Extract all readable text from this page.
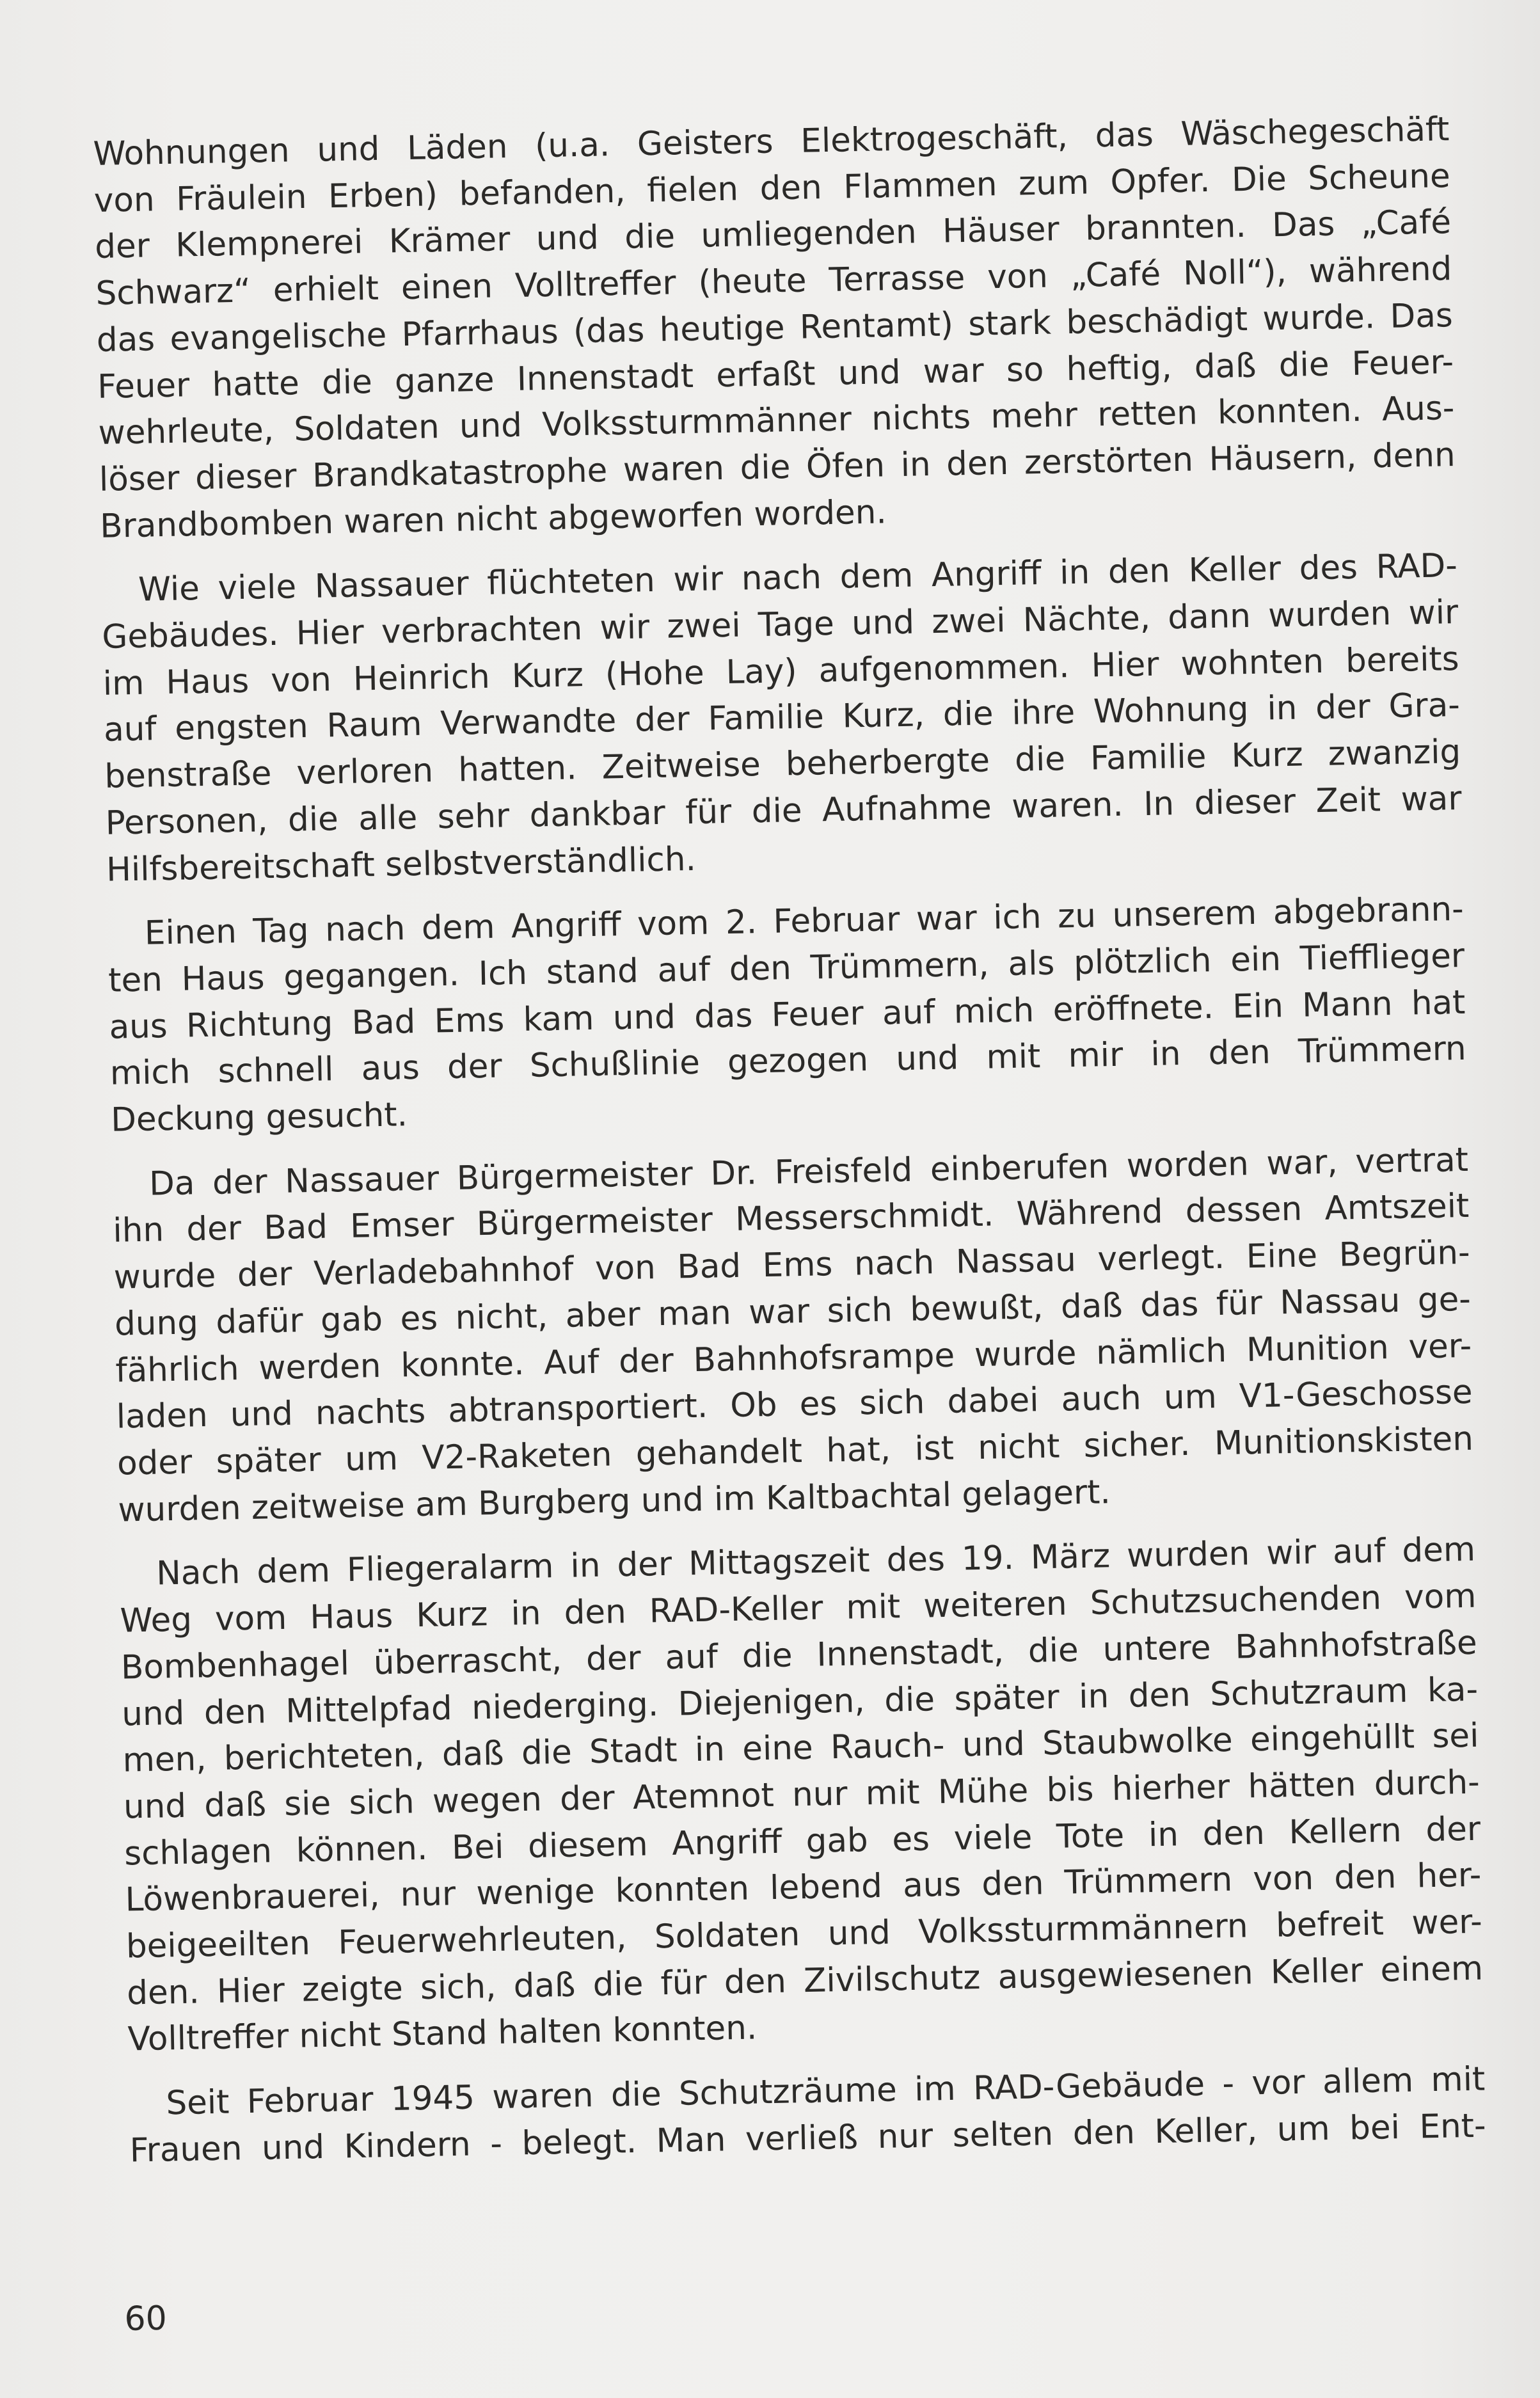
Wohnungen und Läden (u.a. Geisters Elektrogeschäft, das Wäschegeschäft
von Fräulein Erben) befanden, fielen den Flammen zum Opfer. Die Scheune
der Klempnerei Krämer und die umliegenden Häuser brannten. Das „Café
Schwarz“ erhielt einen Volltreffer (heute Terrasse von „Café Noll“), während
das evangelische Pfarrhaus (das heutige Rentamt) stark beschädigt wurde. Das
Feuer hatte die ganze Innenstadt erfaßt und war so heftig, daß die Feuer-
wehrleute, Soldaten und Volkssturmmänner nichts mehr retten konnten. Aus-
löser dieser Brandkatastrophe waren die Öfen in den zerstörten Häusern, denn
Brandbomben waren nicht abgeworfen worden.
Wie viele Nassauer flüchteten wir nach dem Angriff in den Keller des RAD-
Gebäudes. Hier verbrachten wir zwei Tage und zwei Nächte, dann wurden wir
im Haus von Heinrich Kurz (Hohe Lay) aufgenommen. Hier wohnten bereits
auf engsten Raum Verwandte der Familie Kurz, die ihre Wohnung in der Gra-
benstraße verloren hatten. Zeitweise beherbergte die Familie Kurz zwanzig
Personen, die alle sehr dankbar für die Aufnahme waren. In dieser Zeit war
Hilfsbereitschaft selbstverständlich.
Einen Tag nach dem Angriff vom 2. Februar war ich zu unserem abgebrann-
ten Haus gegangen. Ich stand auf den Trümmern, als plötzlich ein Tiefflieger
aus Richtung Bad Ems kam und das Feuer auf mich eröffnete. Ein Mann hat
mich schnell aus der Schußlinie gezogen und mit mir in den Trümmern
Deckung gesucht.
Da der Nassauer Bürgermeister Dr. Freisfeld einberufen worden war, vertrat
ihn der Bad Emser Bürgermeister Messerschmidt. Während dessen Amtszeit
wurde der Verladebahnhof von Bad Ems nach Nassau verlegt. Eine Begrün-
dung dafür gab es nicht, aber man war sich bewußt, daß das für Nassau ge-
fährlich werden konnte. Auf der Bahnhofsrampe wurde nämlich Munition ver-
laden und nachts abtransportiert. Ob es sich dabei auch um V1-Geschosse
oder später um V2-Raketen gehandelt hat, ist nicht sicher. Munitionskisten
wurden zeitweise am Burgberg und im Kaltbachtal gelagert.
Nach dem Fliegeralarm in der Mittagszeit des 19. März wurden wir auf dem
Weg vom Haus Kurz in den RAD-Keller mit weiteren Schutzsuchenden vom
Bombenhagel überrascht, der auf die Innenstadt, die untere Bahnhofstraße
und den Mittelpfad niederging. Diejenigen, die später in den Schutzraum ka-
men, berichteten, daß die Stadt in eine Rauch- und Staubwolke eingehüllt sei
und daß sie sich wegen der Atemnot nur mit Mühe bis hierher hätten durch-
schlagen können. Bei diesem Angriff gab es viele Tote in den Kellern der
Löwenbrauerei, nur wenige konnten lebend aus den Trümmern von den her-
beigeeilten Feuerwehrleuten, Soldaten und Volkssturmmännern befreit wer-
den. Hier zeigte sich, daß die für den Zivilschutz ausgewiesenen Keller einem
Volltreffer nicht Stand halten konnten.
Seit Februar 1945 waren die Schutzräume im RAD-Gebäude - vor allem mit
Frauen und Kindern - belegt. Man verließ nur selten den Keller, um bei Ent-
60
